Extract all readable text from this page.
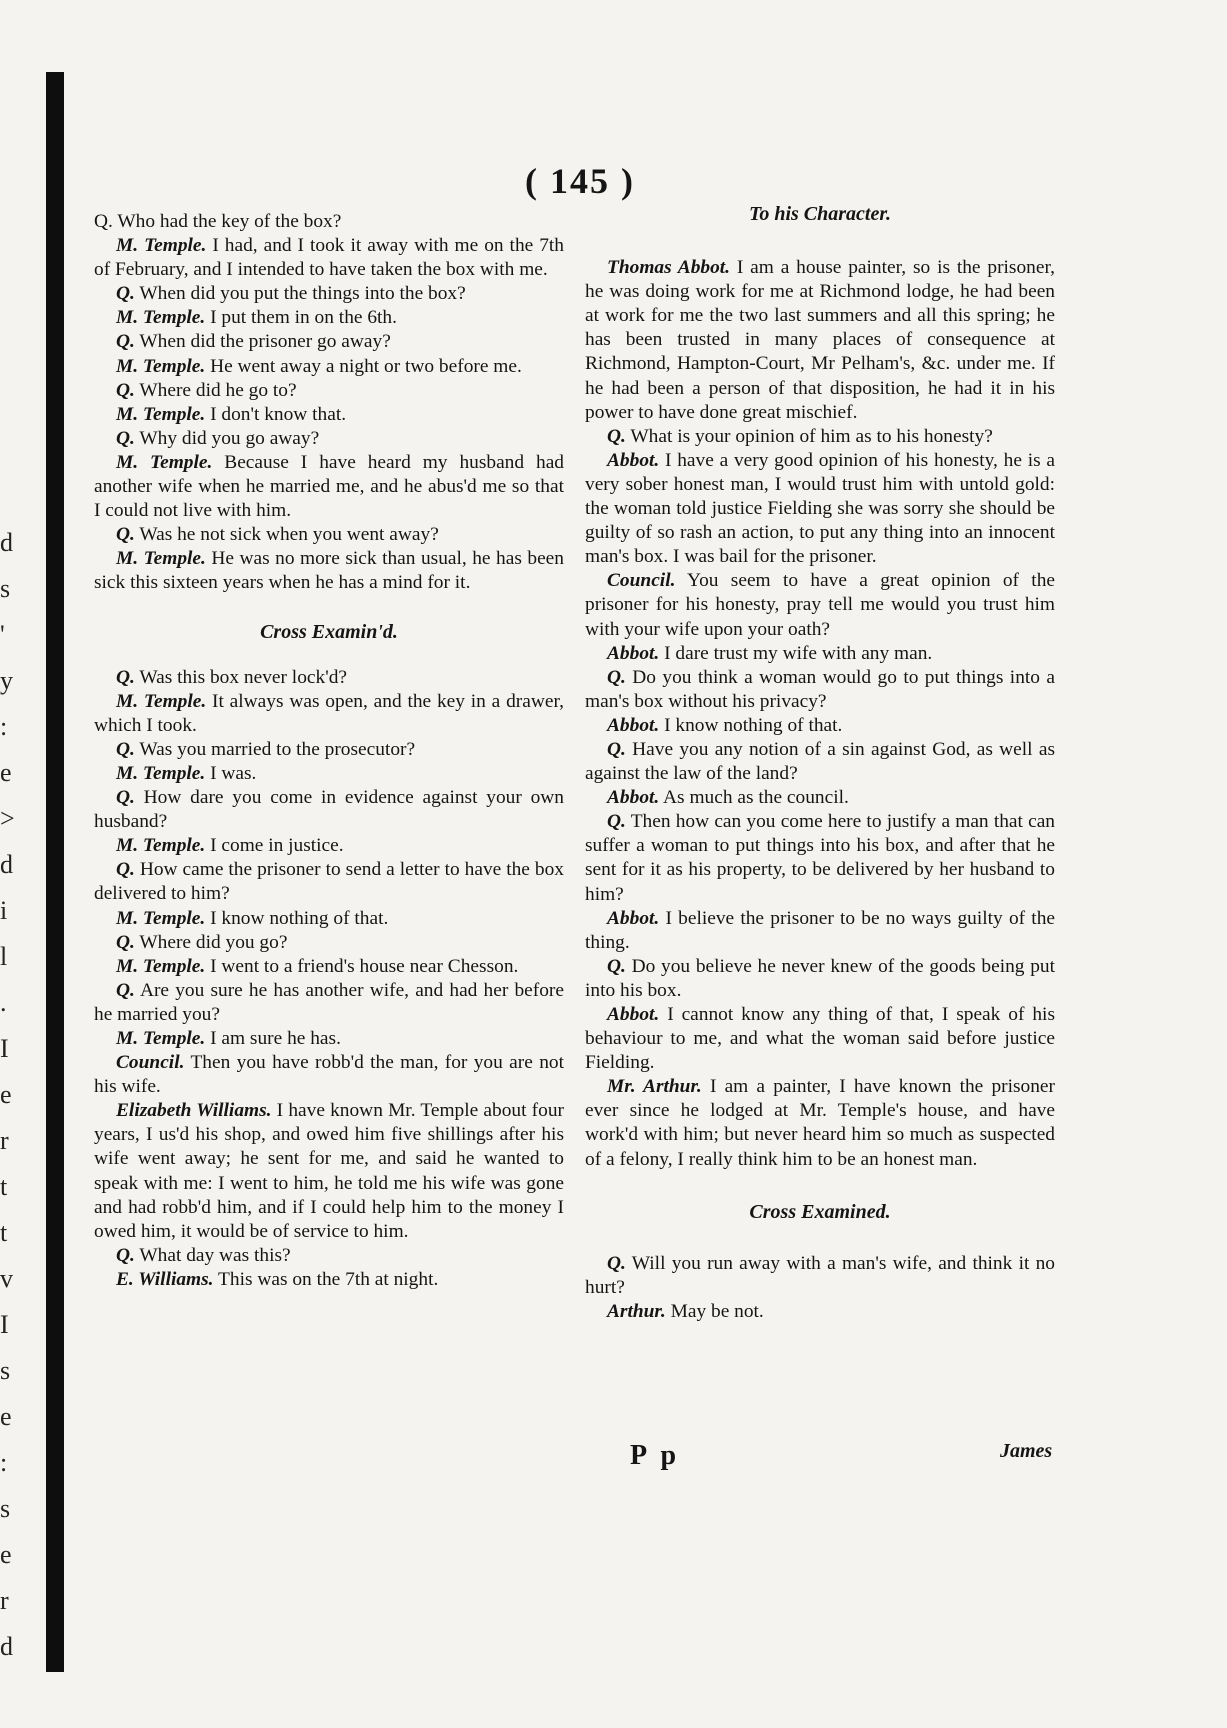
d
s
'
y
:
e
>
d
i
l
.
I
e
r
t
t
v
I
s
e
:
s
e
r
d
( 145 )

Q. Who had the key of the box?

M. Temple. I had, and I took it away with me on the 7th of February, and I intended to have taken the box with me.

Q. When did you put the things into the box?

M. Temple. I put them in on the 6th.

Q. When did the prisoner go away?

M. Temple. He went away a night or two before me.

Q. Where did he go to?

M. Temple. I don't know that.

Q. Why did you go away?

M. Temple. Because I have heard my husband had another wife when he married me, and he abus'd me so that I could not live with him.

Q. Was he not sick when you went away?

M. Temple. He was no more sick than usual, he has been sick this sixteen years when he has a mind for it.

Cross Examin'd.

Q. Was this box never lock'd?

M. Temple. It always was open, and the key in a drawer, which I took.

Q. Was you married to the prosecutor?

M. Temple. I was.

Q. How dare you come in evidence against your own husband?

M. Temple. I come in justice.

Q. How came the prisoner to send a letter to have the box delivered to him?

M. Temple. I know nothing of that.

Q. Where did you go?

M. Temple. I went to a friend's house near Chesson.

Q. Are you sure he has another wife, and had her before he married you?

M. Temple. I am sure he has.

Council. Then you have robb'd the man, for you are not his wife.

Elizabeth Williams. I have known Mr. Temple about four years, I us'd his shop, and owed him five shillings after his wife went away; he sent for me, and said he wanted to speak with me: I went to him, he told me his wife was gone and had robb'd him, and if I could help him to the money I owed him, it would be of service to him.

Q. What day was this?

E. Williams. This was on the 7th at night.

To his Character.

Thomas Abbot. I am a house painter, so is the prisoner, he was doing work for me at Richmond lodge, he had been at work for me the two last summers and all this spring; he has been trusted in many places of consequence at Richmond, Hampton-Court, Mr Pelham's, &c. under me. If he had been a person of that disposition, he had it in his power to have done great mischief.

Q. What is your opinion of him as to his honesty?

Abbot. I have a very good opinion of his honesty, he is a very sober honest man, I would trust him with untold gold: the woman told justice Fielding she was sorry she should be guilty of so rash an action, to put any thing into an innocent man's box. I was bail for the prisoner.

Council. You seem to have a great opinion of the prisoner for his honesty, pray tell me would you trust him with your wife upon your oath?

Abbot. I dare trust my wife with any man.

Q. Do you think a woman would go to put things into a man's box without his privacy?

Abbot. I know nothing of that.

Q. Have you any notion of a sin against God, as well as against the law of the land?

Abbot. As much as the council.

Q. Then how can you come here to justify a man that can suffer a woman to put things into his box, and after that he sent for it as his property, to be delivered by her husband to him?

Abbot. I believe the prisoner to be no ways guilty of the thing.

Q. Do you believe he never knew of the goods being put into his box.

Abbot. I cannot know any thing of that, I speak of his behaviour to me, and what the woman said before justice Fielding.

Mr. Arthur. I am a painter, I have known the prisoner ever since he lodged at Mr. Temple's house, and have work'd with him; but never heard him so much as suspected of a felony, I really think him to be an honest man.

Cross Examined.

Q. Will you run away with a man's wife, and think it no hurt?

Arthur. May be not.

P p	James
